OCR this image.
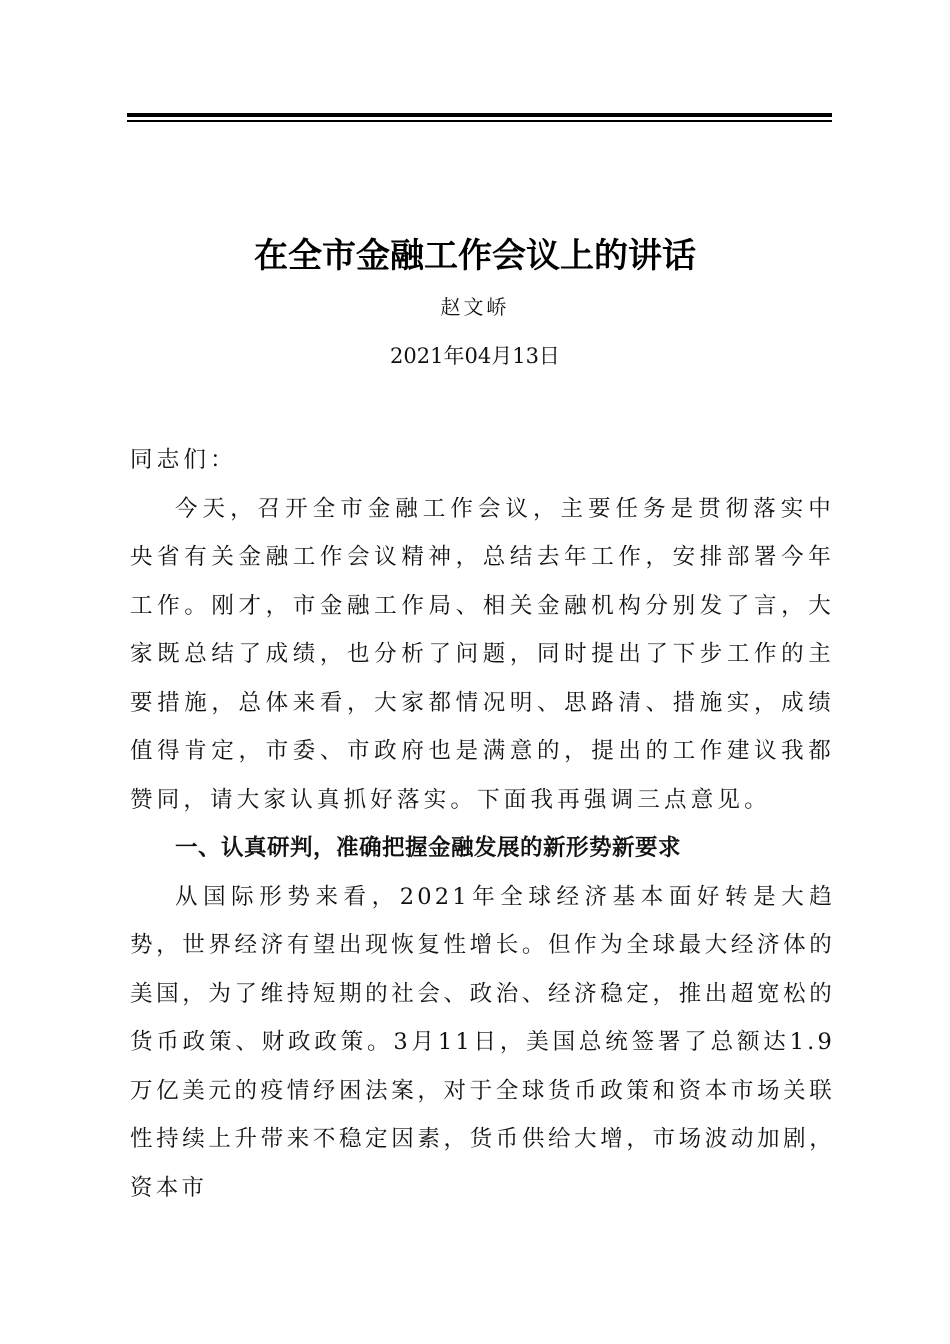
在全市金融工作会议上的讲话
赵文峤
2021年04月13日

同志们：

今天，召开全市金融工作会议，主要任务是贯彻落实中央省有关金融工作会议精神，总结去年工作，安排部署今年工作。刚才，市金融工作局、相关金融机构分别发了言，大家既总结了成绩，也分析了问题，同时提出了下步工作的主要措施，总体来看，大家都情况明、思路清、措施实，成绩值得肯定，市委、市政府也是满意的，提出的工作建议我都赞同，请大家认真抓好落实。下面我再强调三点意见。

一、认真研判，准确把握金融发展的新形势新要求

从国际形势来看，2021年全球经济基本面好转是大趋势，世界经济有望出现恢复性增长。但作为全球最大经济体的美国，为了维持短期的社会、政治、经济稳定，推出超宽松的货币政策、财政政策。3月11日，美国总统签署了总额达1.9万亿美元的疫情纾困法案，对于全球货币政策和资本市场关联性持续上升带来不稳定因素，货币供给大增，市场波动加剧，资本市
